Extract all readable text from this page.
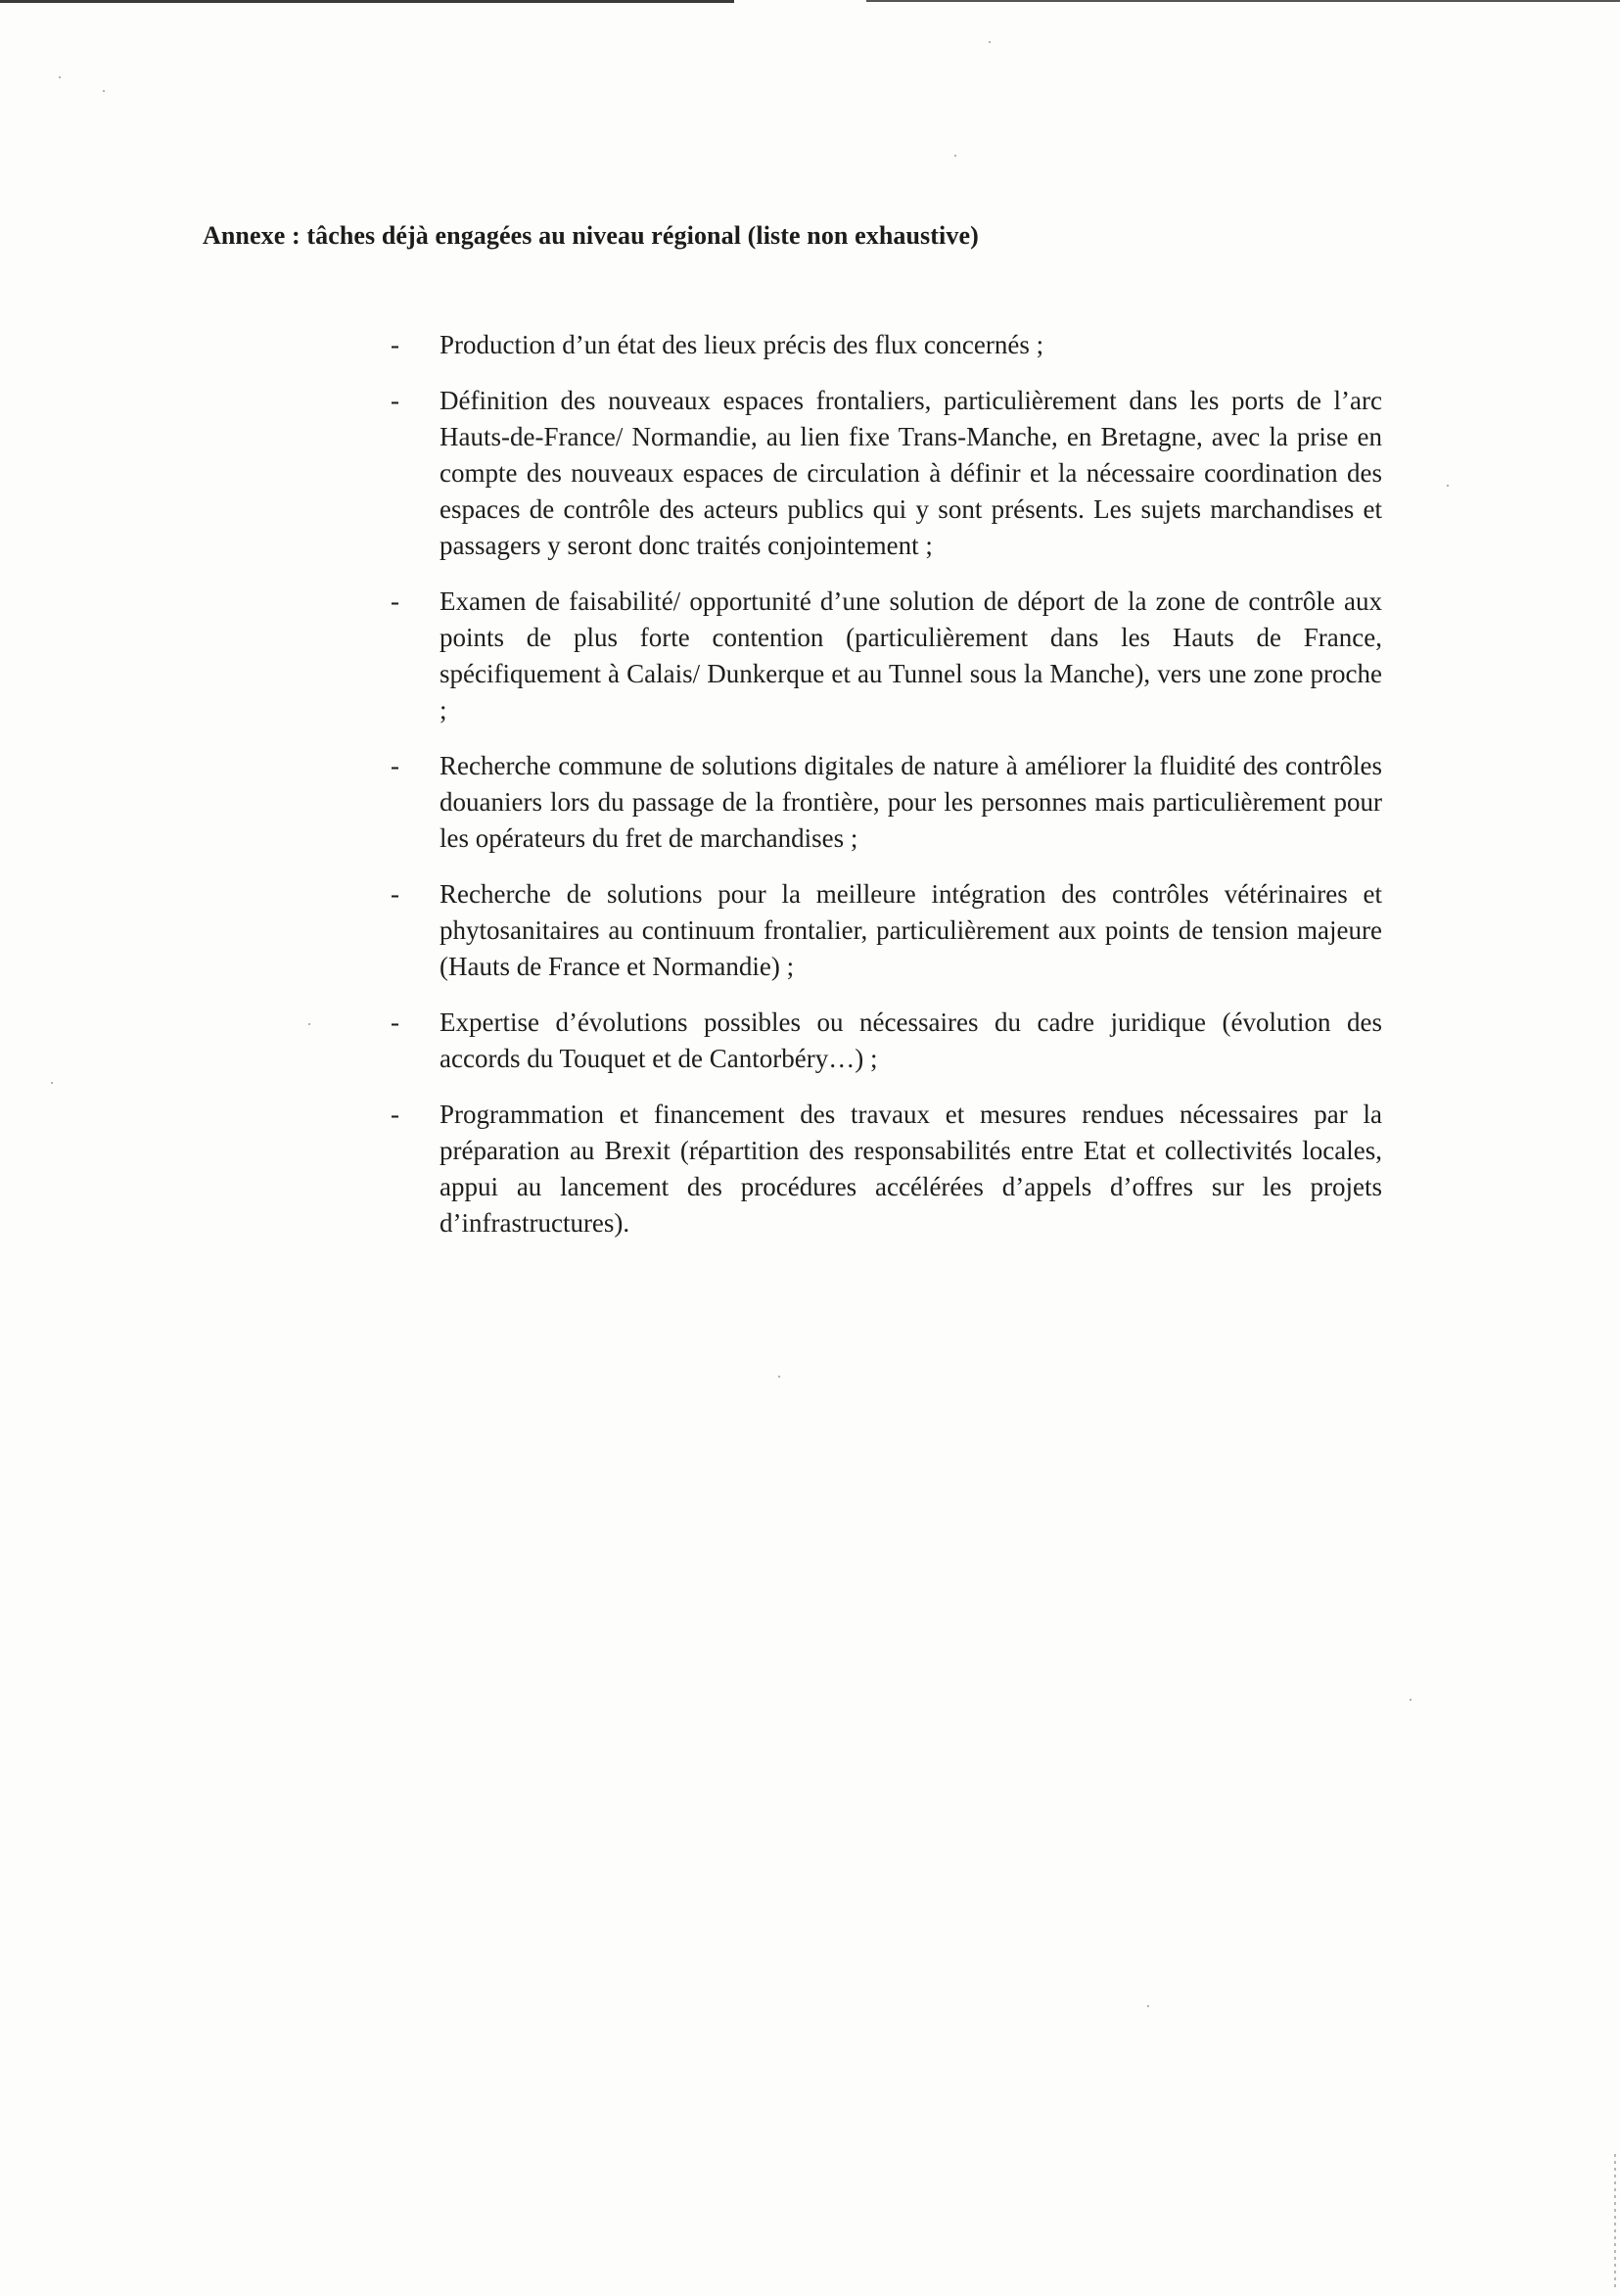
Annexe : tâches déjà engagées au niveau régional (liste non exhaustive)
-	Production d’un état des lieux précis des flux concernés ;
-	Définition des nouveaux espaces frontaliers, particulièrement dans les ports de l’arc Hauts-de-France/ Normandie, au lien fixe Trans-Manche, en Bretagne, avec la prise en compte des nouveaux espaces de circulation à définir et la nécessaire coordination des espaces de contrôle des acteurs publics qui y sont présents. Les sujets marchandises et passagers y seront donc traités conjointement ;
-	Examen de faisabilité/ opportunité d’une solution de déport de la zone de contrôle aux points de plus forte contention (particulièrement dans les Hauts de France, spécifiquement à Calais/ Dunkerque et au Tunnel sous la Manche), vers une zone proche ;
-	Recherche commune de solutions digitales de nature à améliorer la fluidité des contrôles douaniers lors du passage de la frontière, pour les personnes mais particulièrement pour les opérateurs du fret de marchandises ;
-	Recherche de solutions pour la meilleure intégration des contrôles vétérinaires et phytosanitaires au continuum frontalier, particulièrement aux points de tension majeure (Hauts de France et Normandie) ;
-	Expertise d’évolutions possibles ou nécessaires du cadre juridique (évolution des accords du Touquet et de Cantorbéry…) ;
-	Programmation et financement des travaux et mesures rendues nécessaires par la préparation au Brexit (répartition des responsabilités entre Etat et collectivités locales, appui au lancement des procédures accélérées d’appels d’offres sur les projets d’infrastructures).
